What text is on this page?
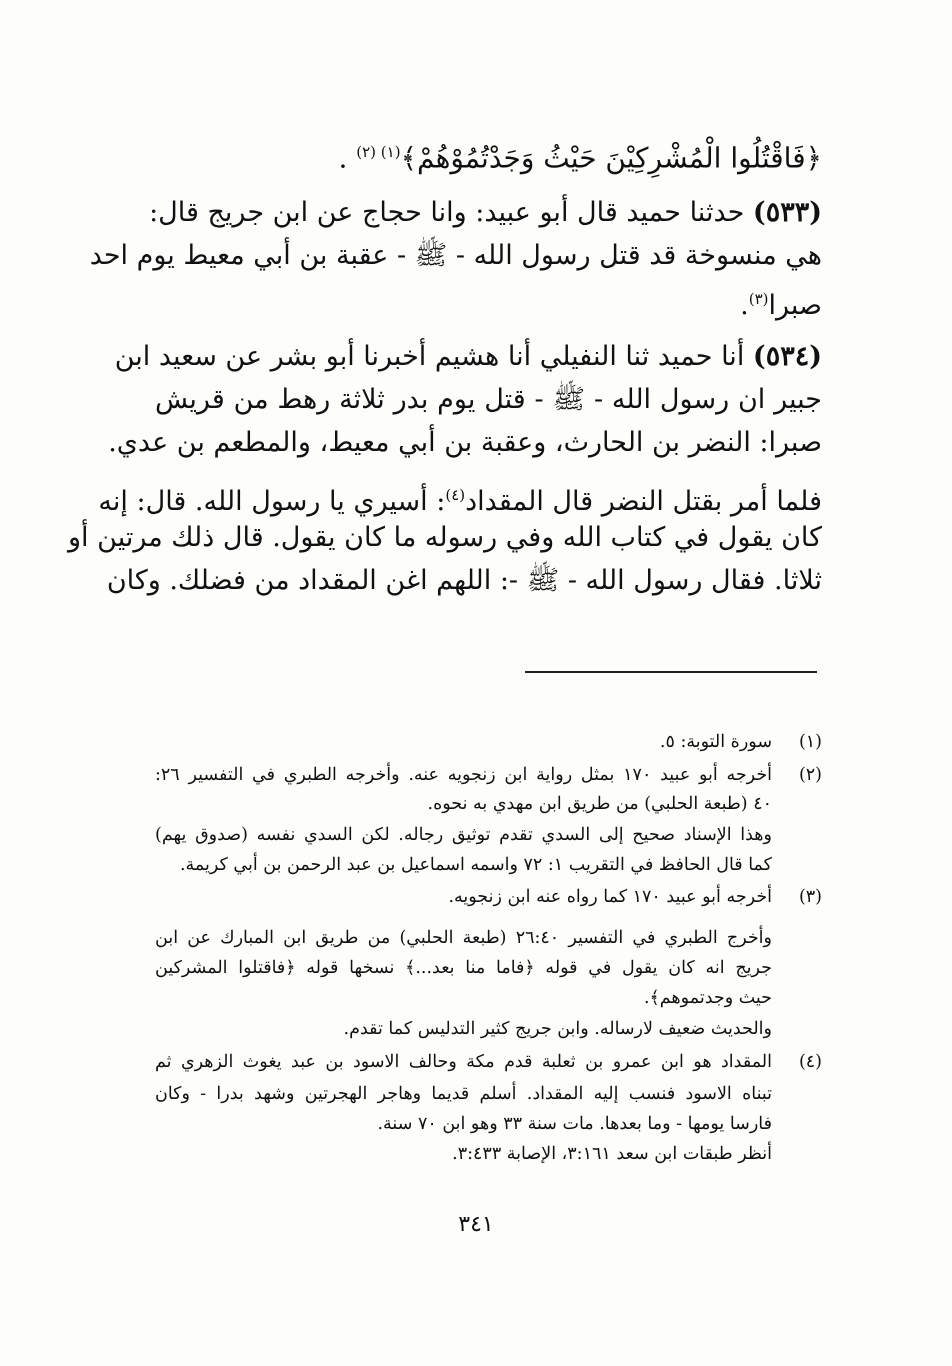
﴿فَاقْتُلُوا الْمُشْرِكِيْنَ حَيْثُ وَجَدْتُمُوْهُمْ﴾$^{(١) (٢)}$ .
(٥٣٣) حدثنا حميد قال أبو عبيد: وانا حجاج عن ابن جريج قال:
هي منسوخة قد قتل رسول الله - ﷺ - عقبة بن أبي معيط يوم احد
صبرا$^{(٣)}$.
(٥٣٤) أنا حميد ثنا النفيلي أنا هشيم أخبرنا أبو بشر عن سعيد ابن
جبير ان رسول الله - ﷺ - قتل يوم بدر ثلاثة رهط من قريش
صبرا: النضر بن الحارث، وعقبة بن أبي معيط، والمطعم بن عدي.
فلما أمر بقتل النضر قال المقداد$^{(٤)}$: أسيري يا رسول الله. قال: إنه
كان يقول في كتاب الله وفي رسوله ما كان يقول. قال ذلك مرتين أو
ثلاثا. فقال رسول الله - ﷺ -: اللهم اغن المقداد من فضلك. وكان
(١)
سورة التوبة: ٥.
(٢)
أخرجه أبو عبيد ١٧٠ بمثل رواية ابن زنجويه عنه. وأخرجه الطبري في التفسير ٢٦:
٤٠ (طبعة الحلبي) من طريق ابن مهدي به نحوه.
وهذا الإسناد صحيح إلى السدي تقدم توثيق رجاله. لكن السدي نفسه (صدوق يهم)
كما قال الحافظ في التقريب ١: ٧٢ واسمه اسماعيل بن عبد الرحمن بن أبي كريمة.
(٣)
أخرجه أبو عبيد ١٧٠ كما رواه عنه ابن زنجويه.
وأخرج الطبري في التفسير ٢٦:٤٠ (طبعة الحلبي) من طريق ابن المبارك عن ابن
جريج انه كان يقول في قوله ﴿فاما منا بعد...﴾ نسخها قوله ﴿فاقتلوا المشركين
حيث وجدتموهم﴾.
والحديث ضعيف لارساله. وابن جريج كثير التدليس كما تقدم.
(٤)
المقداد هو ابن عمرو بن ثعلبة قدم مكة وحالف الاسود بن عبد يغوث الزهري ثم
تبناه الاسود فنسب إليه المقداد. أسلم قديما وهاجر الهجرتين وشهد بدرا - وكان
فارسا يومها - وما بعدها. مات سنة ٣٣ وهو ابن ٧٠ سنة.
أنظر طبقات ابن سعد ٣:١٦١، الإصابة ٣:٤٣٣.
٣٤١
